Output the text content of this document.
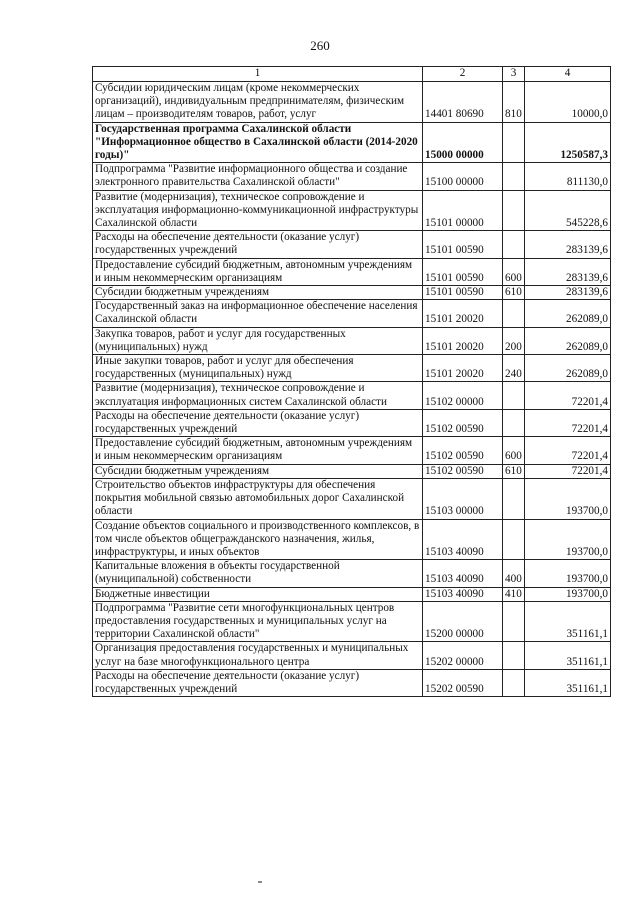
260
1	2	3	4
Субсидии юридическим лицам (кроме некоммерческих организаций), индивидуальным предпринимателям, физическим лицам – производителям товаров, работ, услуг	14401 80690	810	10000,0
Государственная программа Сахалинской области "Информационное общество в Сахалинской области (2014-2020 годы)"	15000 00000		1250587,3
Подпрограмма "Развитие информационного общества и создание электронного правительства Сахалинской области"	15100 00000		811130,0
Развитие (модернизация), техническое сопровождение и эксплуатация информационно-коммуникационной инфраструктуры Сахалинской области	15101 00000		545228,6
Расходы на обеспечение деятельности (оказание услуг) государственных учреждений	15101 00590		283139,6
Предоставление субсидий бюджетным, автономным учреждениям и иным некоммерческим организациям	15101 00590	600	283139,6
Субсидии бюджетным учреждениям	15101 00590	610	283139,6
Государственный заказ на информационное обеспечение населения Сахалинской области	15101 20020		262089,0
Закупка товаров, работ и услуг для государственных (муниципальных) нужд	15101 20020	200	262089,0
Иные закупки товаров, работ и услуг для обеспечения государственных (муниципальных) нужд	15101 20020	240	262089,0
Развитие (модернизация), техническое сопровождение и эксплуатация информационных систем Сахалинской области	15102 00000		72201,4
Расходы на обеспечение деятельности (оказание услуг) государственных учреждений	15102 00590		72201,4
Предоставление субсидий бюджетным, автономным учреждениям и иным некоммерческим организациям	15102 00590	600	72201,4
Субсидии бюджетным учреждениям	15102 00590	610	72201,4
Строительство объектов инфраструктуры для обеспечения покрытия мобильной связью автомобильных дорог Сахалинской области	15103 00000		193700,0
Создание объектов социального и производственного комплексов, в том числе объектов общегражданского назначения, жилья, инфраструктуры, и иных объектов	15103 40090		193700,0
Капитальные вложения в объекты государственной (муниципальной) собственности	15103 40090	400	193700,0
Бюджетные инвестиции	15103 40090	410	193700,0
Подпрограмма "Развитие сети многофункциональных центров предоставления государственных и муниципальных услуг на территории Сахалинской области"	15200 00000		351161,1
Организация предоставления государственных и муниципальных услуг на базе многофункционального центра	15202 00000		351161,1
Расходы на обеспечение деятельности (оказание услуг) государственных учреждений	15202 00590		351161,1
